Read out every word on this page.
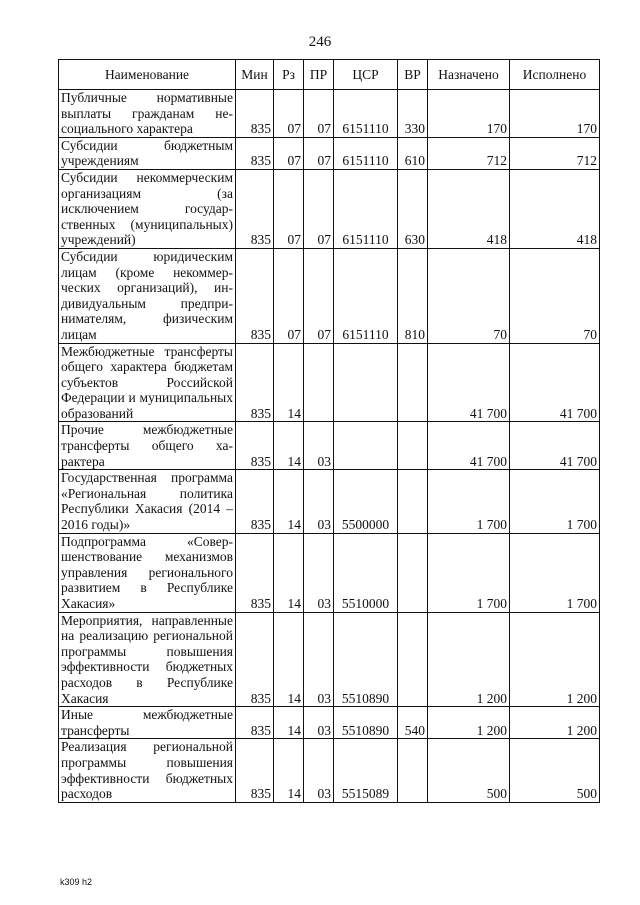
246
Наименование	Мин	Рз	ПР	ЦСР	ВР	Назначено	Исполнено
Публичные нормативные выплаты гражданам несоциального характера	835	07	07	6151110	330	170	170
Субсидии бюджетным учреждениям	835	07	07	6151110	610	712	712
Субсидии некоммерческим организациям (за исключением государственных (муниципальных) учреждений)	835	07	07	6151110	630	418	418
Субсидии юридическим лицам (кроме некоммерческих организаций), индивидуальным предпринимателям, физическим лицам	835	07	07	6151110	810	70	70
Межбюджетные трансферты общего характера бюджетам субъектов Российской Федерации и муниципальных образований	835	14				41 700	41 700
Прочие межбюджетные трансферты общего характера	835	14	03			41 700	41 700
Государственная программа «Региональная политика Республики Хакасия (2014 – 2016 годы)»	835	14	03	5500000		1 700	1 700
Подпрограмма «Совершенствование механизмов управления регионального развитием в Республике Хакасия»	835	14	03	5510000		1 700	1 700
Мероприятия, направленные на реализацию региональной программы повышения эффективности бюджетных расходов в Республике Хакасия	835	14	03	5510890		1 200	1 200
Иные межбюджетные трансферты	835	14	03	5510890	540	1 200	1 200
Реализация региональной программы повышения эффективности бюджетных расходов	835	14	03	5515089		500	500
k309 h2
